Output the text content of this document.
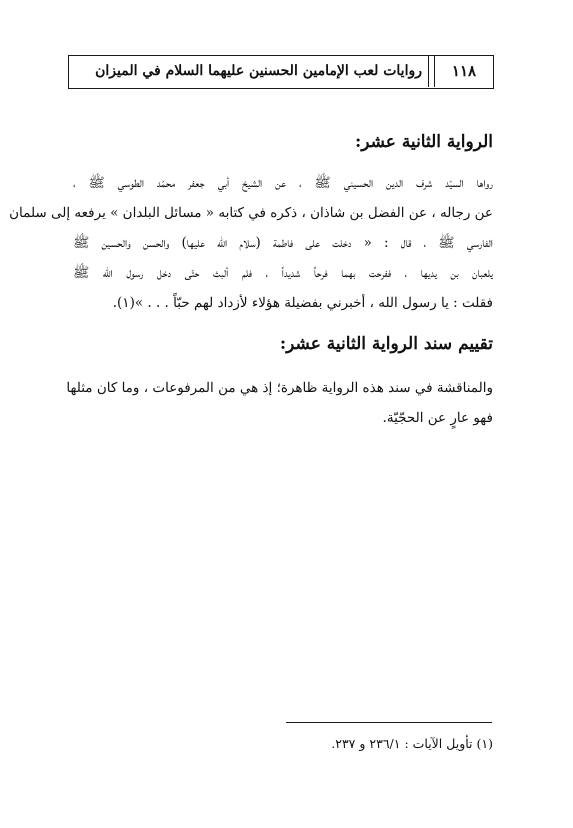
١١٨
روايات لعب الإمامين الحسنين عليهما السلام في الميزان
الرواية الثانية عشر:
رواها السيّد شرف الدين الحسيني ﷺ ، عن الشيخ أبي جعفر محمّد الطوسي ﷺ ،
عن رجاله ، عن الفضل بن شاذان ، ذكره في كتابه « مسائل البلدان » يرفعه إلى سلمان
الفارسي ﷺ ، قال : « دخلت على فاطمة (سلام الله عليها) والحسن والحسين ﷺ
يلعبان بن يديها ، ففرحت بهما فرحاً شديداً ، فلم ألبث حتّى دخل رسول الله ﷺ
فقلت : يا رسول الله ، أخبرني بفضيلة هؤلاء لأزداد لهم حبّاً . . . »(١).
تقييم سند الرواية الثانية عشر:
والمناقشة في سند هذه الرواية ظاهرة؛ إذ هي من المرفوعات ، وما كان مثلها
فهو عارٍ عن الحجّيّة.
(١) تأويل الآيات : ٢٣٦/١ و ٢٣٧.
